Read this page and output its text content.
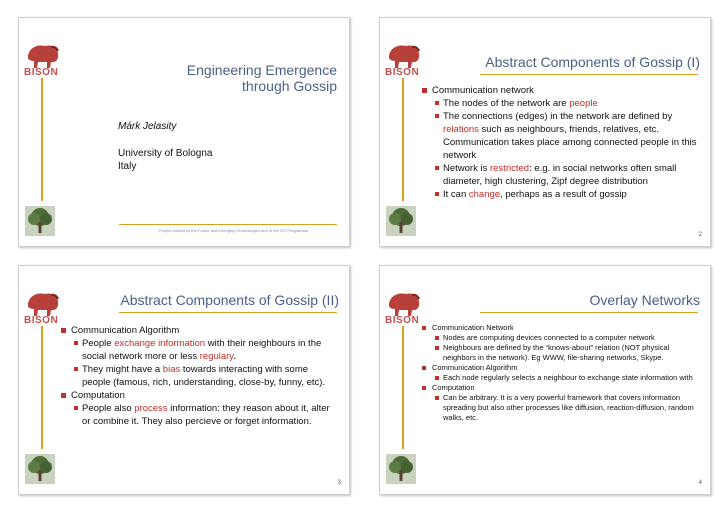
BISON	Engineering Emergence
through Gossip
Márk Jelasity
University of Bologna
Italy
Project funded by the Future and Emerging Technologies arm of the IST Programme
BISON
Abstract Components of Gossip (I)
Communication network
The nodes of the network are people
The connections (edges) in the network are defined by relations such as neighbours, friends, relatives, etc. Communication takes place among connected people in this network
Network is restricted: e.g. in social networks often small diameter, high clustering, Zipf degree distribution
It can change, perhaps as a result of gossip
2
BISON
Abstract Components of Gossip (II)
Communication Algorithm
People exchange information with their neighbours in the social network more or less regulary.
They might have a bias towards interacting with some people (famous, rich, understanding, close-by, funny, etc).
Computation
People also process information: they reason about it, alter or combine it. They also percieve or forget information.
3
BISON
Overlay Networks
Communication Network
Nodes are computing devices connected to a computer network
Neighbours are defined by the “knows-about” relation (NOT physical neighbors in the network). Eg WWW, file-sharing networks, Skype.
Communication Algorithm
Each node regularly selects a neighbour to exchange state information with
Computation
Can be arbitrary. It is a very powerful framework that covers information spreading but also other processes like diffusion, reaction-diffusion, random walks, etc.
4
